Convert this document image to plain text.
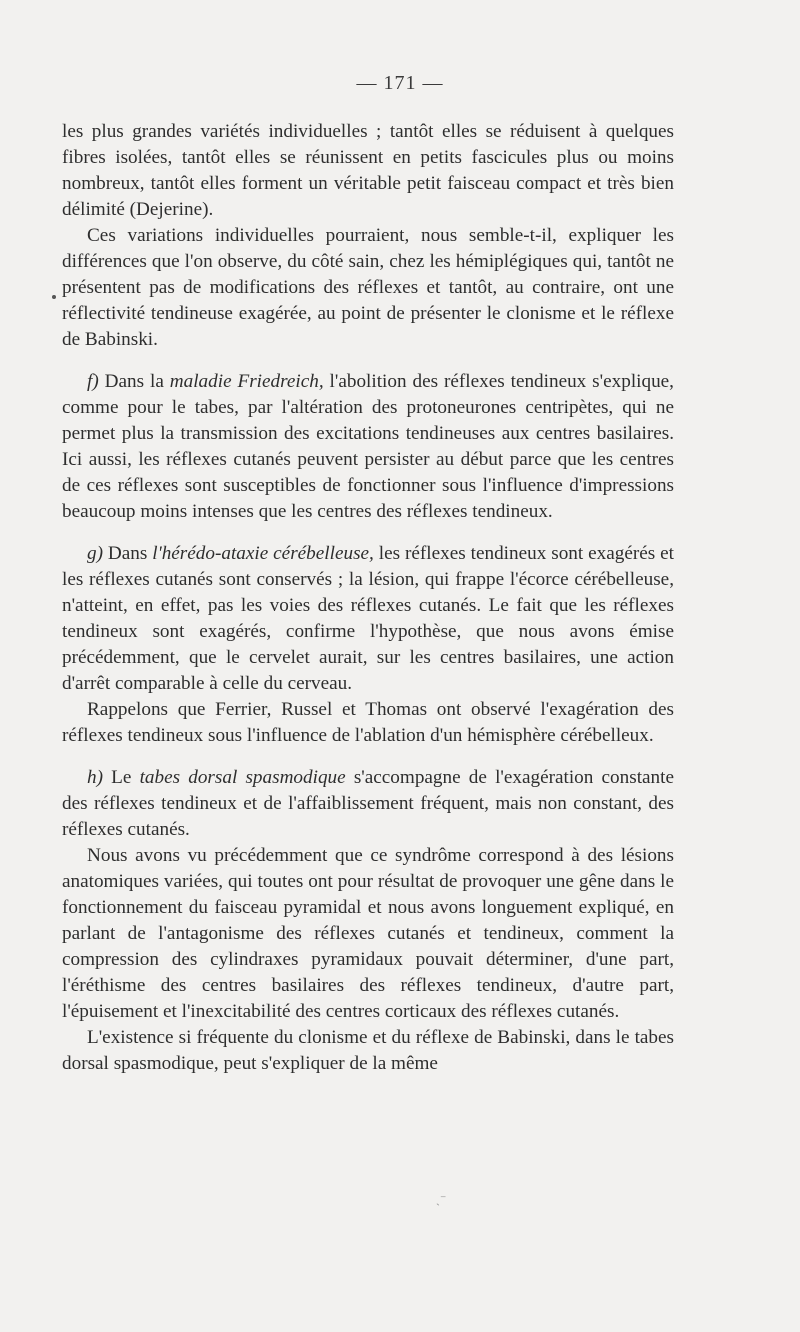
— 171 —

les plus grandes variétés individuelles ; tantôt elles se réduisent à quelques fibres isolées, tantôt elles se réunissent en petits fascicules plus ou moins nombreux, tantôt elles forment un véritable petit faisceau compact et très bien délimité (Dejerine).

Ces variations individuelles pourraient, nous semble-t-il, expliquer les différences que l'on observe, du côté sain, chez les hémiplégiques qui, tantôt ne présentent pas de modifications des réflexes et tantôt, au contraire, ont une réflectivité tendineuse exagérée, au point de présenter le clonisme et le réflexe de Babinski.

f) Dans la maladie Friedreich, l'abolition des réflexes tendineux s'explique, comme pour le tabes, par l'altération des protoneurones centripètes, qui ne permet plus la transmission des excitations tendineuses aux centres basilaires. Ici aussi, les réflexes cutanés peuvent persister au début parce que les centres de ces réflexes sont susceptibles de fonctionner sous l'influence d'impressions beaucoup moins intenses que les centres des réflexes tendineux.

g) Dans l'hérédo-ataxie cérébelleuse, les réflexes tendineux sont exagérés et les réflexes cutanés sont conservés ; la lésion, qui frappe l'écorce cérébelleuse, n'atteint, en effet, pas les voies des réflexes cutanés. Le fait que les réflexes tendineux sont exagérés, confirme l'hypothèse, que nous avons émise précédemment, que le cervelet aurait, sur les centres basilaires, une action d'arrêt comparable à celle du cerveau.

Rappelons que Ferrier, Russel et Thomas ont observé l'exagération des réflexes tendineux sous l'influence de l'ablation d'un hémisphère cérébelleux.

h) Le tabes dorsal spasmodique s'accompagne de l'exagération constante des réflexes tendineux et de l'affaiblissement fréquent, mais non constant, des réflexes cutanés.

Nous avons vu précédemment que ce syndrôme correspond à des lésions anatomiques variées, qui toutes ont pour résultat de provoquer une gêne dans le fonctionnement du faisceau pyramidal et nous avons longuement expliqué, en parlant de l'antagonisme des réflexes cutanés et tendineux, comment la compression des cylindraxes pyramidaux pouvait déterminer, d'une part, l'éréthisme des centres basilaires des réflexes tendineux, d'autre part, l'épuisement et l'inexcitabilité des centres corticaux des réflexes cutanés.

L'existence si fréquente du clonisme et du réflexe de Babinski, dans le tabes dorsal spasmodique, peut s'expliquer de la même

ˎ⁻
